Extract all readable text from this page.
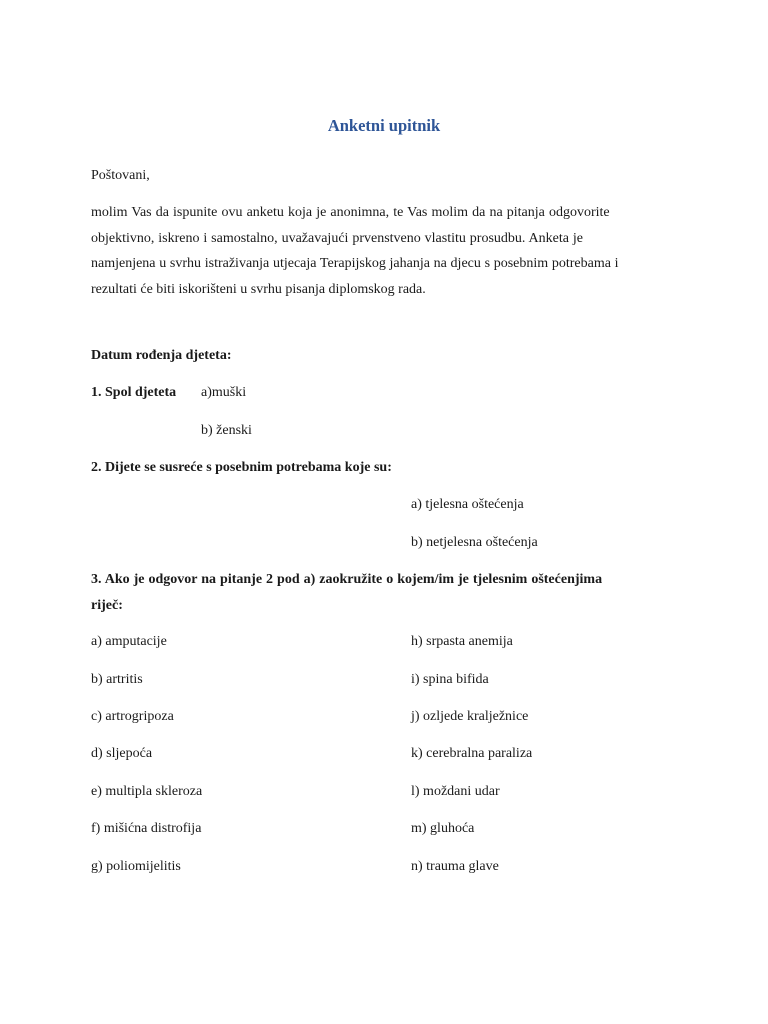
Anketni upitnik
Poštovani,
molim Vas da ispunite ovu anketu koja je anonimna, te Vas molim da na pitanja odgovorite
objektivno, iskreno i samostalno, uvažavajući prvenstveno vlastitu prosudbu. Anketa je
namjenjena u svrhu istraživanja utjecaja Terapijskog jahanja na djecu s posebnim potrebama i
rezultati će biti iskorišteni u svrhu pisanja diplomskog rada.
Datum rođenja djeteta:
1. Spol djeteta a)muški
b) ženski
2. Dijete se susreće s posebnim potrebama koje su:
a) tjelesna oštećenja
b) netjelesna oštećenja
3. Ako je odgovor na pitanje 2 pod a) zaokružite o kojem/im je tjelesnim oštećenjima
riječ:
a) amputacije
b) artritis
c) artrogripoza
d) sljepoća
e) multipla skleroza
f) mišićna distrofija
g) poliomijelitis
h) srpasta anemija
i) spina bifida
j) ozljede kralježnice
k) cerebralna paraliza
l) moždani udar
m) gluhoća
n) trauma glave
